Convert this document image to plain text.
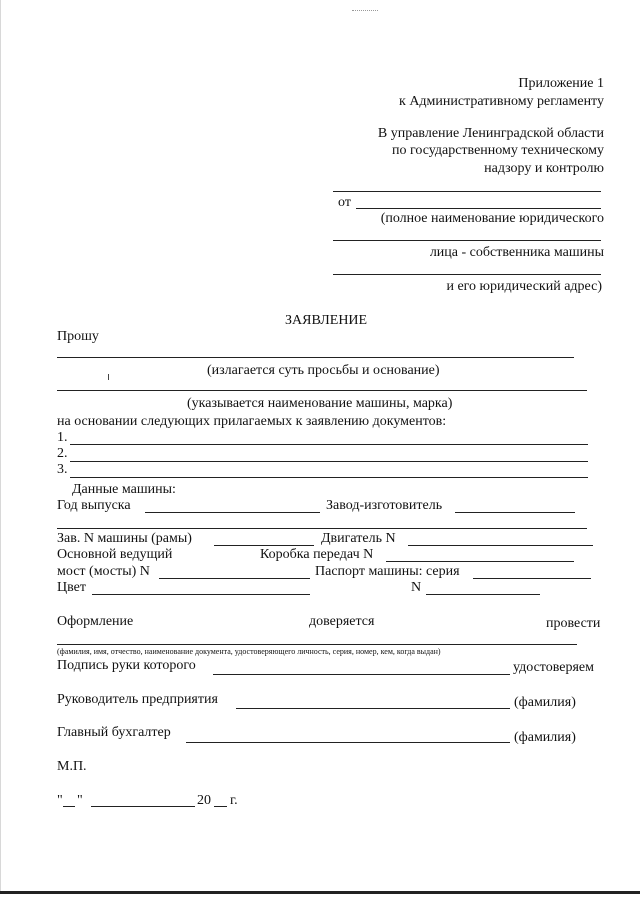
Приложение 1
к Административному регламенту
В управление Ленинградской области
по государственному техническому
надзору и контролю
от
(полное наименование юридического
лица - собственника машины
и его юридический адрес)
ЗАЯВЛЕНИЕ
Прошу
(излагается суть просьбы и основание)
(указывается наименование машины, марка)
на основании следующих прилагаемых к заявлению документов:
1.
2.
3.
Данные машины:
Год выпуска	Завод-изготовитель
Зав. N машины (рамы)	Двигатель N
Основной ведущий	Коробка передач N
мост (мосты) N	Паспорт машины: серия
Цвет	N
Оформление	доверяется	провести
(фамилия, имя, отчество, наименование документа, удостоверяющего личность, серия, номер, кем, когда выдан)
Подпись руки которого	удостоверяем
Руководитель предприятия	(фамилия)
Главный бухгалтер	(фамилия)
М.П.
" "	20 г.
